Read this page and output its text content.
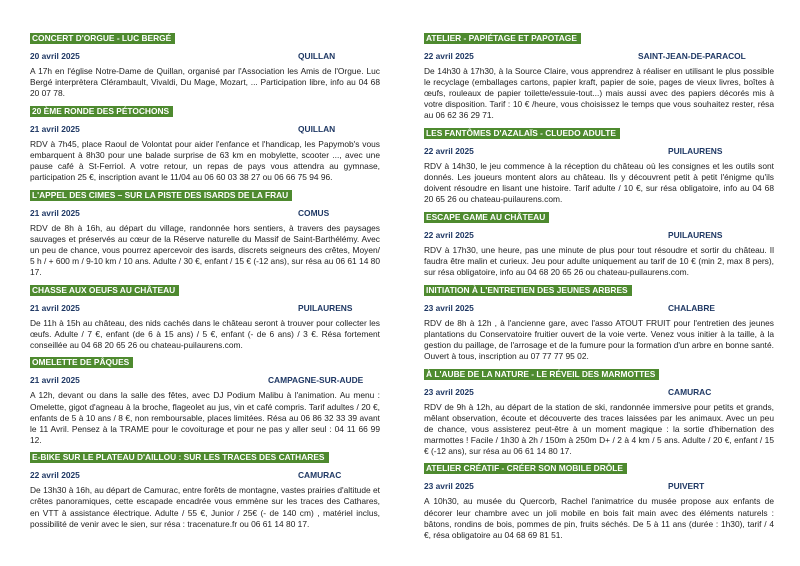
CONCERT D'ORGUE - LUC BERGÉ
20 avril 2025	QUILLAN
A 17h en l'église Notre-Dame de Quillan, organisé par l'Association les Amis de l'Orgue. Luc Bergé interprètera Clérambault, Vivaldi, Du Mage, Mozart, ... Participation libre, info au 04 68 20 07 78.
20 ÈME RONDE DES PÉTOCHONS
21 avril 2025	QUILLAN
RDV à 7h45, place Raoul de Volontat pour aider l'enfance et l'handicap, les Papymob's vous embarquent à 8h30 pour une balade surprise de 63 km en mobylette, scooter ..., avec une pause café à St-Ferriol. A votre retour, un repas de pays vous attendra au gymnase, participation 25 €, inscription avant le 11/04 au 06 60 03 38 27 ou 06 66 75 94 96.
L'APPEL DES CIMES – SUR LA PISTE DES ISARDS DE LA FRAU
21 avril 2025	COMUS
RDV de 8h à 16h, au départ du village, randonnée hors sentiers, à travers des paysages sauvages et préservés au cœur de la Réserve naturelle du Massif de Saint-Barthélémy. Avec un peu de chance, vous pourrez apercevoir des isards, discrets seigneurs des crêtes, Moyen/ 5 h / + 600 m / 9-10 km / 10 ans. Adulte / 30 €, enfant / 15 € (-12 ans), sur résa au 06 61 14 80 17.
CHASSE AUX OEUFS AU CHÂTEAU
21 avril 2025	PUILAURENS
De 11h à 15h au château, des nids cachés dans le château seront à trouver pour collecter les œufs. Adulte / 7 €, enfant (de 6 à 15 ans) / 5 €, enfant (- de 6 ans) / 3 €. Résa fortement conseillée au 04 68 20 65 26 ou chateau-puilaurens.com.
OMELETTE DE PÂQUES
21 avril 2025	CAMPAGNE-SUR-AUDE
A 12h, devant ou dans la salle des fêtes, avec DJ Podium Malibu à l'animation. Au menu : Omelette, gigot d'agneau à la broche, flageolet au jus, vin et café compris. Tarif adultes / 20 €, enfants de 5 à 10 ans / 8 €, non remboursable, places limitées. Résa au 06 86 32 33 39 avant le 11 Avril. Pensez à la TRAME pour le covoiturage et pour ne pas y aller seul : 04 11 66 99 12.
E-BIKE SUR LE PLATEAU D'AILLOU : SUR LES TRACES DES CATHARES
22 avril 2025	CAMURAC
De 13h30 à 16h, au départ de Camurac, entre forêts de montagne, vastes prairies d'altitude et crêtes panoramiques, cette escapade encadrée vous emmène sur les traces des Cathares, en VTT à assistance électrique. Adulte / 55 €, Junior / 25€ (- de 140 cm) , matériel inclus, possibilité de venir avec le sien, sur résa : tracenature.fr ou 06 61 14 80 17.
ATELIER - PAPIÉTAGE ET PAPOTAGE
22 avril 2025	SAINT-JEAN-DE-PARACOL
De 14h30 à 17h30, à la Source Claire, vous apprendrez à réaliser en utilisant le plus possible le recyclage (emballages cartons, papier kraft, papier de soie, pages de vieux livres, boîtes à œufs, rouleaux de papier toilette/essuie-tout...) mais aussi avec des papiers décorés mis à votre disposition. Tarif : 10 € /heure, vous choisissez le temps que vous souhaitez rester, résa au 06 62 36 29 71.
LES FANTÔMES D'AZALAÏS - CLUEDO ADULTE
22 avril 2025	PUILAURENS
RDV à 14h30, le jeu commence à la réception du château où les consignes et les outils sont donnés. Les joueurs montent alors au château. Ils y découvrent petit à petit l'énigme qu'ils doivent résoudre en lisant une histoire. Tarif adulte / 10 €, sur résa obligatoire, info au 04 68 20 65 26 ou chateau-puilaurens.com.
ESCAPE GAME AU CHÂTEAU
22 avril 2025	PUILAURENS
RDV à 17h30, une heure, pas une minute de plus pour tout résoudre et sortir du château. Il faudra être malin et curieux. Jeu pour adulte uniquement au tarif de 10 € (min 2, max 8 pers), sur résa obligatoire, info au 04 68 20 65 26 ou chateau-puilaurens.com.
INITIATION À L'ENTRETIEN DES JEUNES ARBRES
23 avril 2025	CHALABRE
RDV de 8h à 12h , à l'ancienne gare, avec l'asso ATOUT FRUIT pour l'entretien des jeunes plantations du Conservatoire fruitier ouvert de la voie verte. Venez vous initier à la taille, à la gestion du paillage, de l'arrosage et de la fumure pour la formation d'un arbre en bonne santé. Ouvert à tous, inscription au 07 77 77 95 02.
À L'AUBE DE LA NATURE - LE RÉVEIL DES MARMOTTES
23 avril 2025	CAMURAC
RDV de 9h à 12h, au départ de la station de ski, randonnée immersive pour petits et grands, mêlant observation, écoute et découverte des traces laissées par les animaux. Avec un peu de chance, vous assisterez peut-être à un moment magique : la sortie d'hibernation des marmottes ! Facile / 1h30 à 2h / 150m à 250m D+ / 2 à 4 km / 5 ans. Adulte / 20 €, enfant / 15 € (-12 ans), sur résa au 06 61 14 80 17.
ATELIER CRÉATIF - CRÉER SON MOBILE DRÔLE
23 avril 2025	PUIVERT
A 10h30, au musée du Quercorb, Rachel l'animatrice du musée propose aux enfants de décorer leur chambre avec un joli mobile en bois fait main avec des éléments naturels : bâtons, rondins de bois, pommes de pin, fruits séchés. De 5 à 11 ans (durée : 1h30), tarif / 4 €, résa obligatoire au 04 68 69 81 51.
